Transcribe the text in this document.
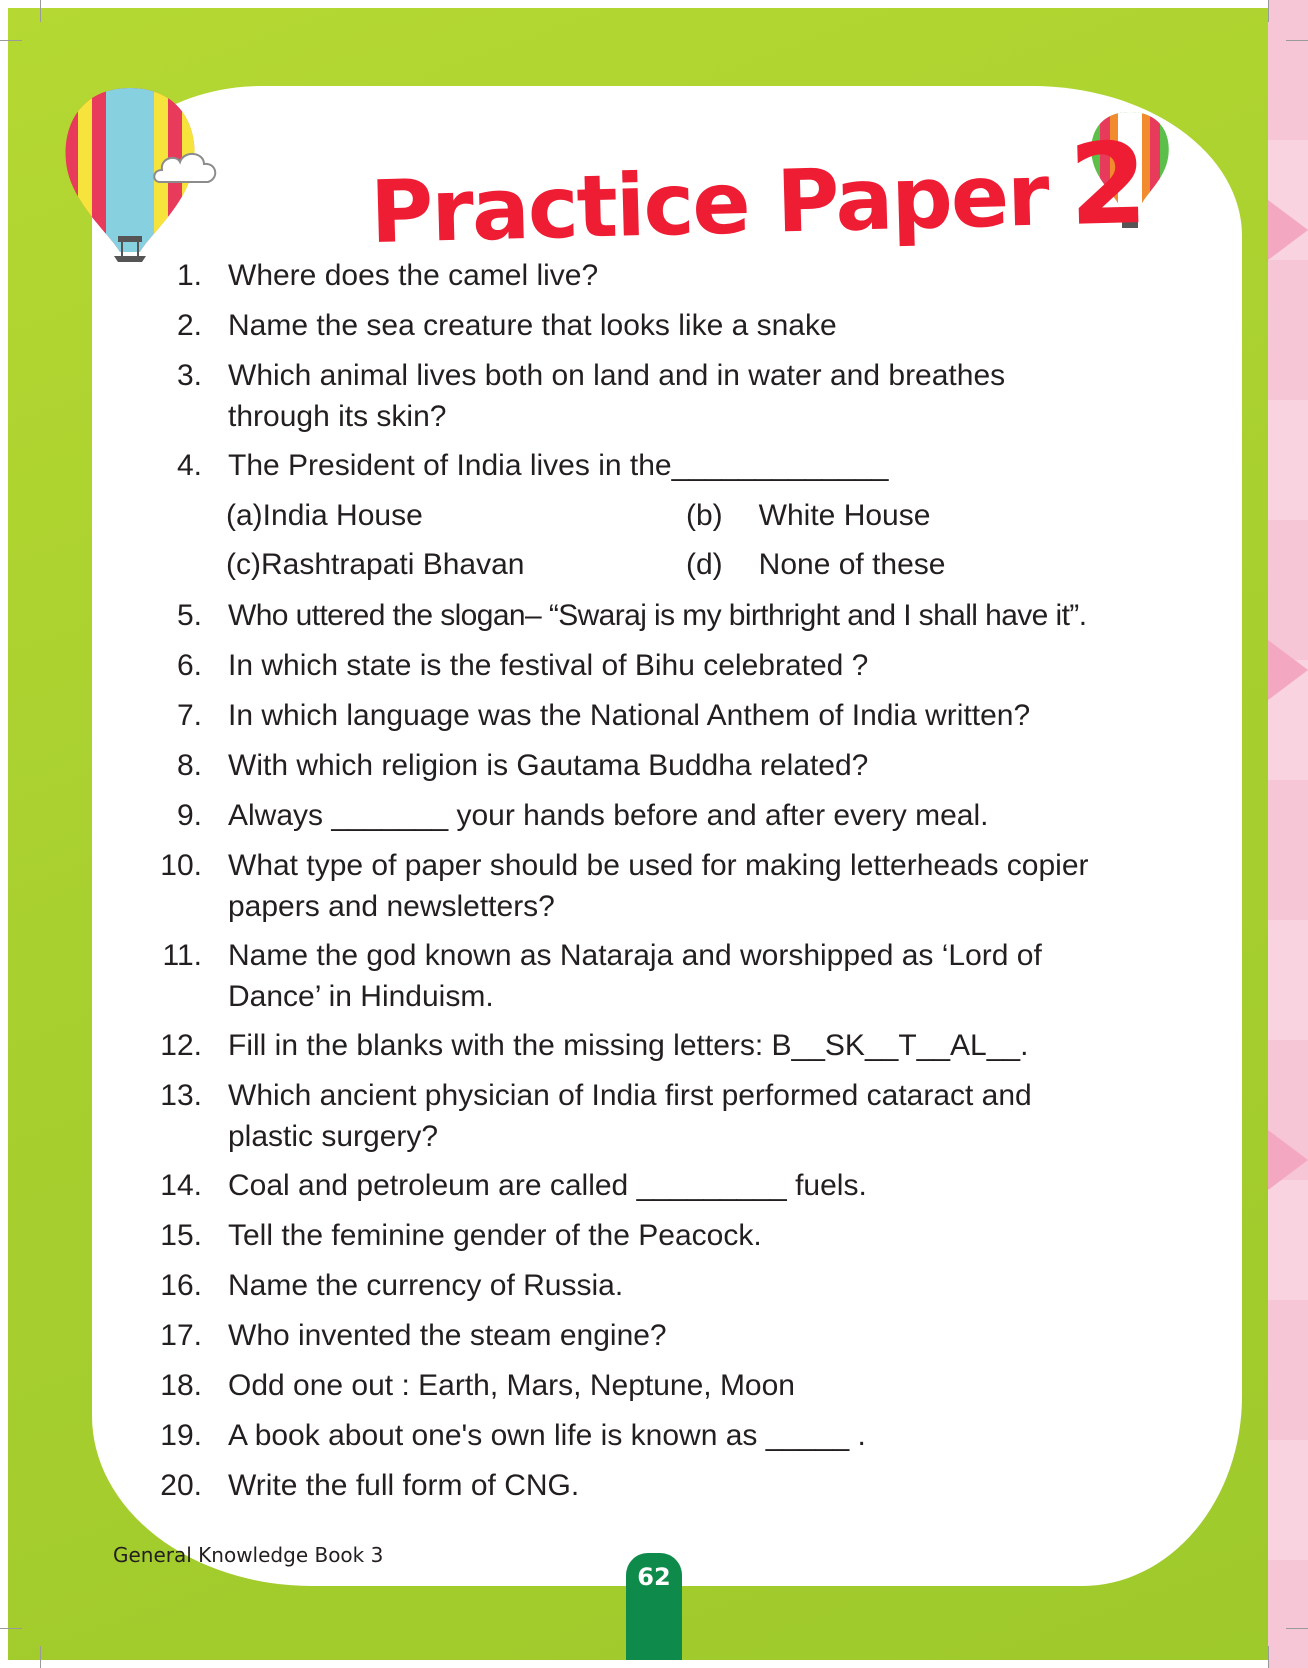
Practice Paper 2
1. Where does the camel live?
2. Name the sea creature that looks like a snake
3. Which animal lives both on land and in water and breathes
through its skin?
4. The President of India lives in the_____________
5. Who uttered the slogan– “Swaraj is my birthright and I shall have it”.
6. In which state is the festival of Bihu celebrated ?
7. In which language was the National Anthem of India written?
8. With which religion is Gautama Buddha related?
9. Always _______ your hands before and after every meal.
10. What type of paper should be used for making letterheads copier
papers and newsletters?
11. Name the god known as Nataraja and worshipped as ‘Lord of
Dance’ in Hinduism.
12. Fill in the blanks with the missing letters: B__SK__T__AL__.
13. Which ancient physician of India first performed cataract and
plastic surgery?
14. Coal and petroleum are called _________ fuels.
15. Tell the feminine gender of the Peacock.
16. Name the currency of Russia.
17. Who invented the steam engine?
18. Odd one out : Earth, Mars, Neptune, Moon
19. A book about one's own life is known as _____ .
20. Write the full form of CNG.
(a)India House	(b) White House
(c)Rashtrapati Bhavan	(d) None of these
General Knowledge Book 3
62
